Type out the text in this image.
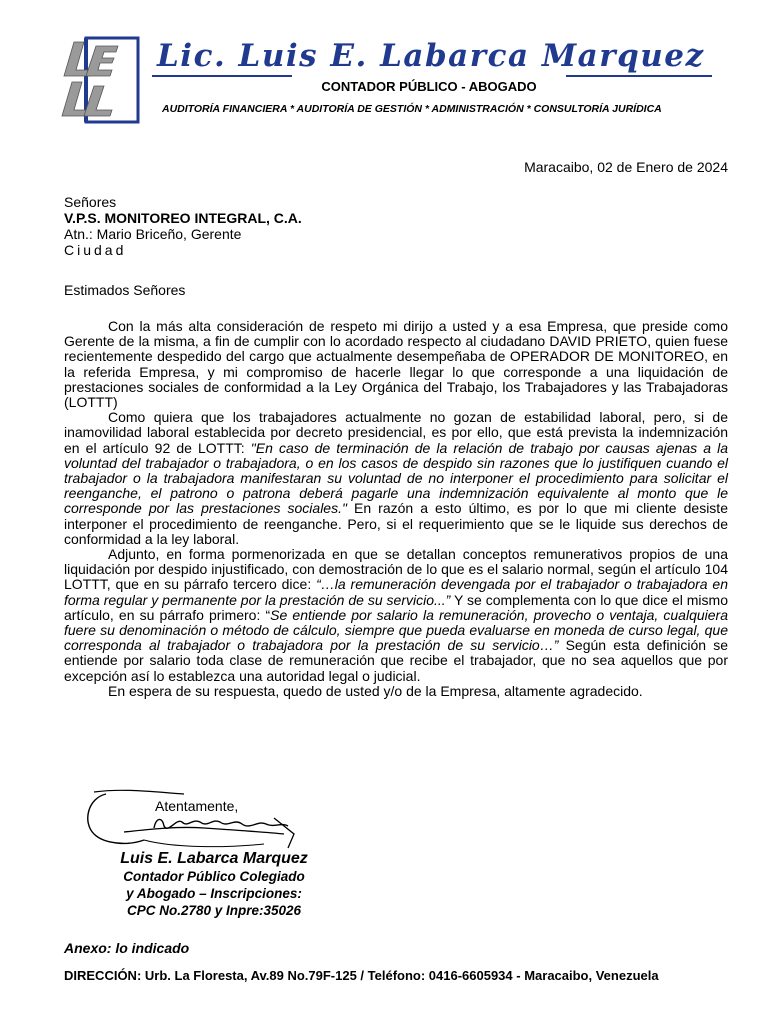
Lic. Luis E. Labarca Marquez
CONTADOR PÚBLICO - ABOGADO
AUDITORÍA FINANCIERA * AUDITORÍA DE GESTIÓN * ADMINISTRACIÓN * CONSULTORÍA JURÍDICA
Maracaibo, 02 de Enero de 2024
Señores
V.P.S. MONITOREO INTEGRAL, C.A.
Atn.: Mario Briceño, Gerente
Ciudad
Estimados Señores

Con la más alta consideración de respeto mi dirijo a usted y a esa Empresa, que preside como Gerente de la misma, a fin de cumplir con lo acordado respecto al ciudadano DAVID PRIETO, quien fuese recientemente despedido del cargo que actualmente desempeñaba de OPERADOR DE MONITOREO, en la referida Empresa, y mi compromiso de hacerle llegar lo que corresponde a una liquidación de prestaciones sociales de conformidad a la Ley Orgánica del Trabajo, los Trabajadores y las Trabajadoras (LOTTT)

Como quiera que los trabajadores actualmente no gozan de estabilidad laboral, pero, si de inamovilidad laboral establecida por decreto presidencial, es por ello, que está prevista la indemnización en el artículo 92 de LOTTT: "En caso de terminación de la relación de trabajo por causas ajenas a la voluntad del trabajador o trabajadora, o en los casos de despido sin razones que lo justifiquen cuando el trabajador o la trabajadora manifestaran su voluntad de no interponer el procedimiento para solicitar el reenganche, el patrono o patrona deberá pagarle una indemnización equivalente al monto que le corresponde por las prestaciones sociales." En razón a esto último, es por lo que mi cliente desiste interponer el procedimiento de reenganche. Pero, si el requerimiento que se le liquide sus derechos de conformidad a la ley laboral.

Adjunto, en forma pormenorizada en que se detallan conceptos remunerativos propios de una liquidación por despido injustificado, con demostración de lo que es el salario normal, según el artículo 104 LOTTT, que en su párrafo tercero dice: “…la remuneración devengada por el trabajador o trabajadora en forma regular y permanente por la prestación de su servicio...” Y se complementa con lo que dice el mismo artículo, en su párrafo primero: “Se entiende por salario la remuneración, provecho o ventaja, cualquiera fuere su denominación o método de cálculo, siempre que pueda evaluarse en moneda de curso legal, que corresponda al trabajador o trabajadora por la prestación de su servicio…” Según esta definición se entiende por salario toda clase de remuneración que recibe el trabajador, que no sea aquellos que por excepción así lo establezca una autoridad legal o judicial.

En espera de su respuesta, quedo de usted y/o de la Empresa, altamente agradecido.

Atentamente,
Luis E. Labarca Marquez
Contador Público Colegiado
y Abogado – Inscripciones:
CPC No.2780 y Inpre:35026
Anexo: lo indicado
DIRECCIÓN: Urb. La Floresta, Av.89 No.79F-125 / Teléfono: 0416-6605934 - Maracaibo, Venezuela
